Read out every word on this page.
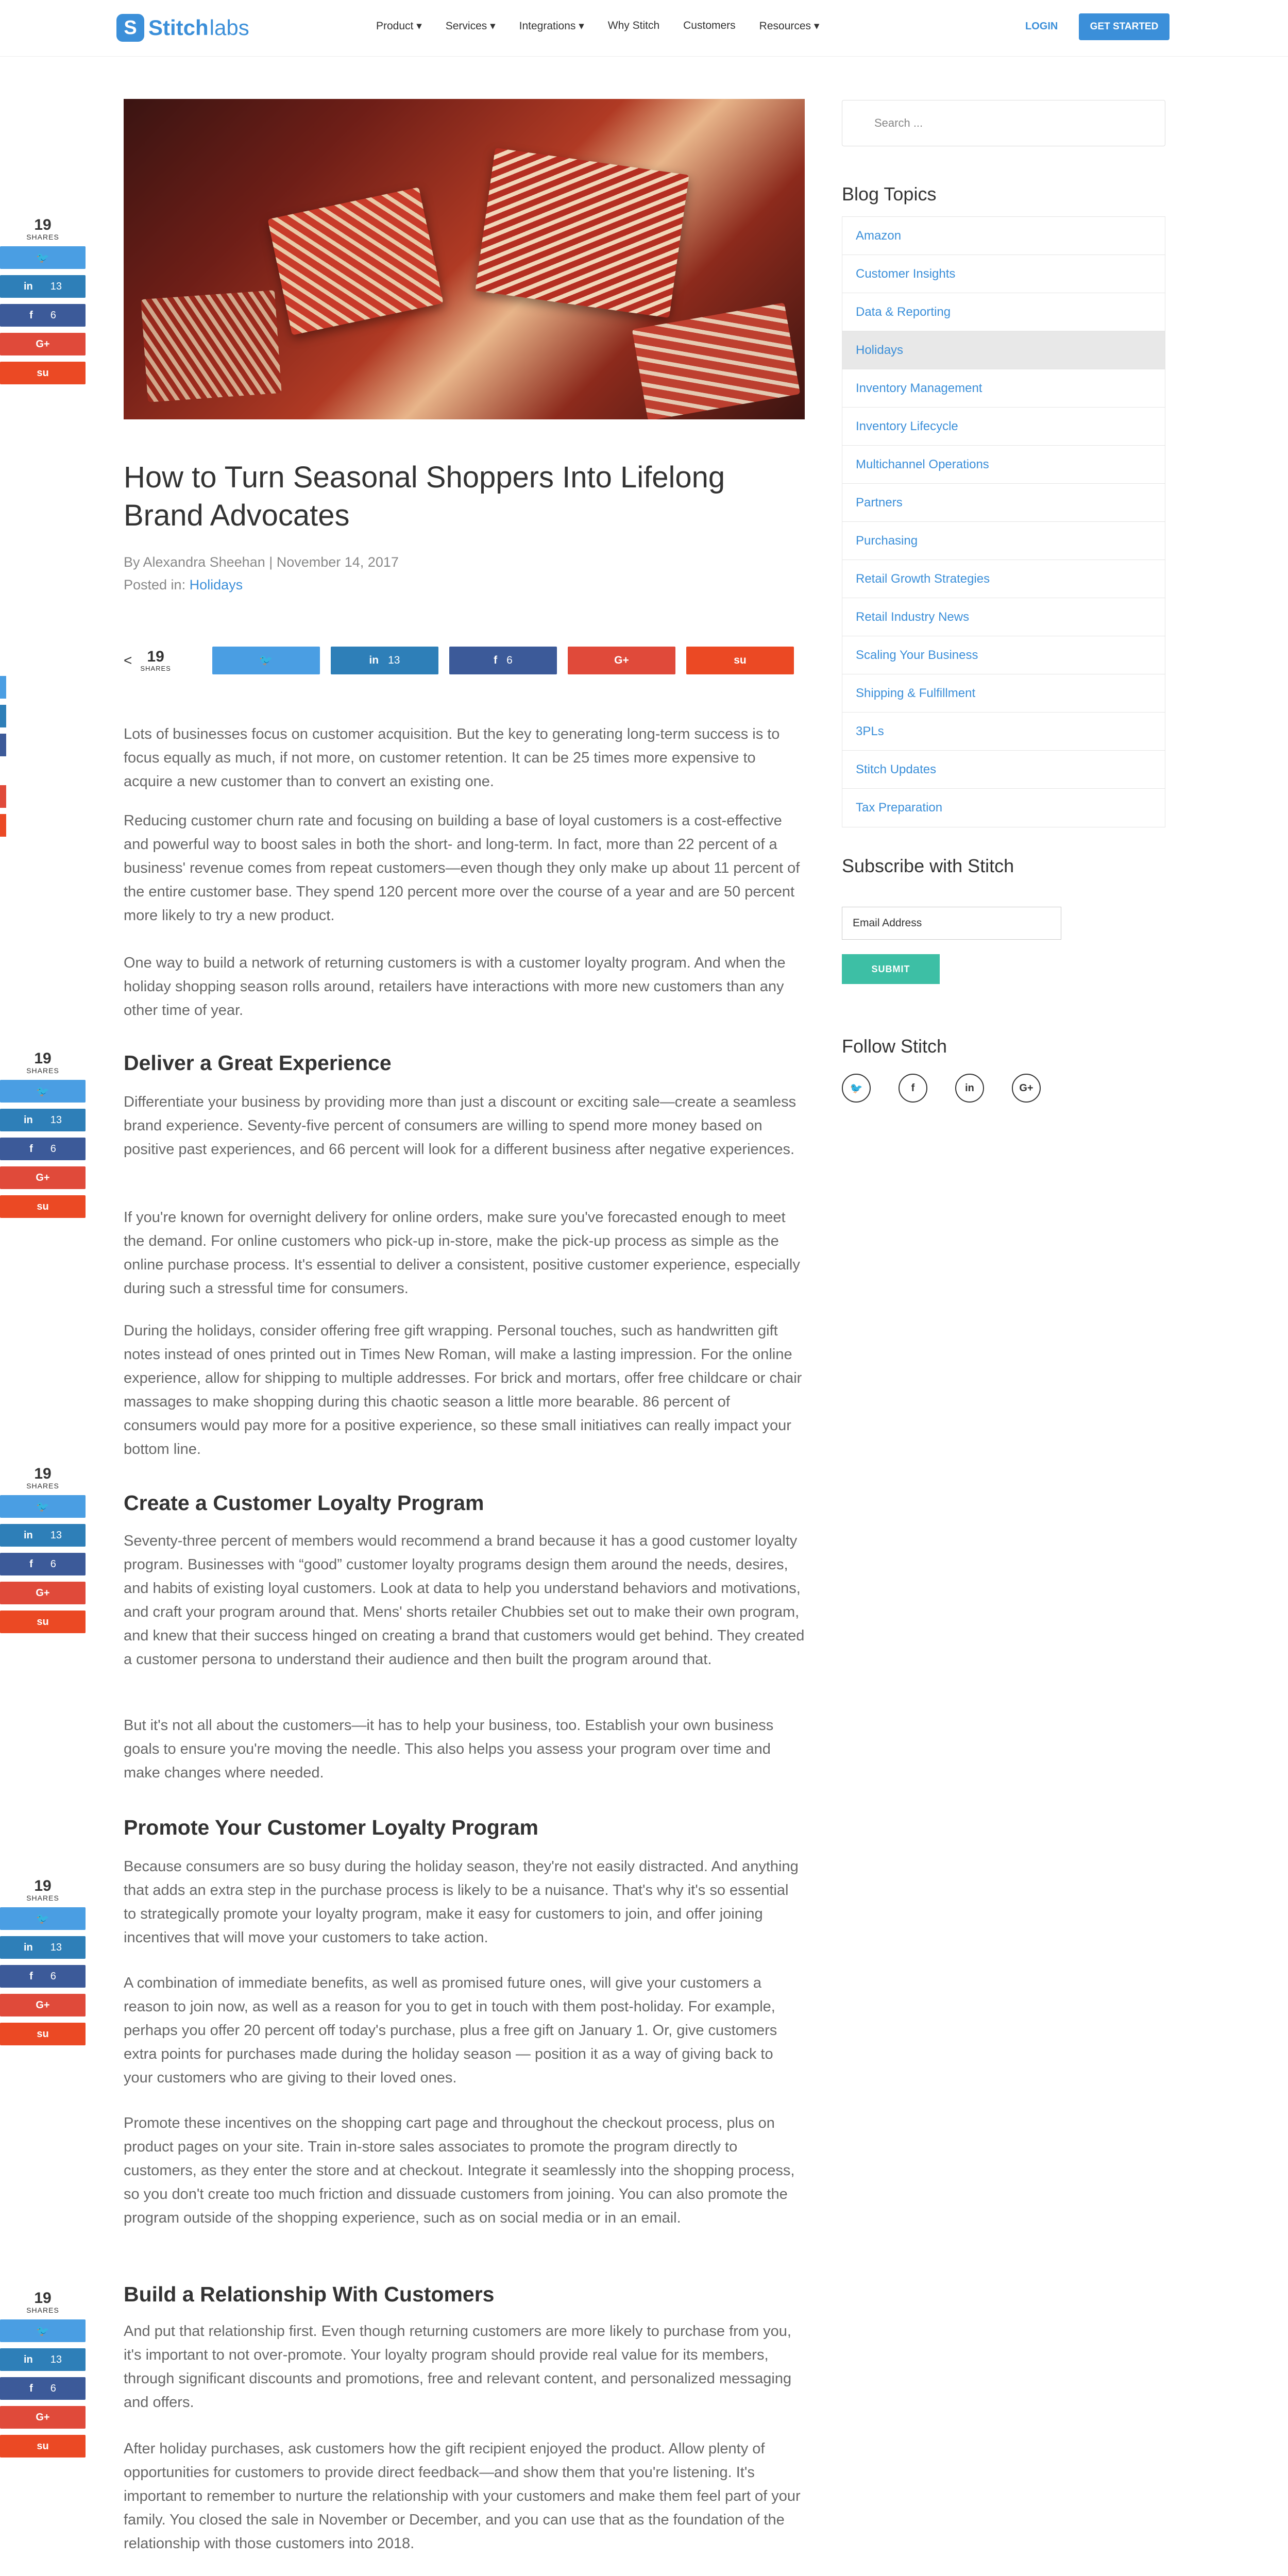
S Stitch labs	Product ▾ Services ▾ Integrations ▾ Why Stitch Customers Resources ▾	LOGIN	GET STARTED
How to Turn Seasonal Shoppers Into Lifelong Brand Advocates
By Alexandra Sheehan | November 14, 2017
Posted in: Holidays
< 19
SHARES
🐦	in 13	f 6	G+	su
19
SHARES
🐦
in 13
f 6
G+
su
19
SHARES
🐦
in 13
f 6
G+
su
19
SHARES
🐦
in 13
f 6
G+
su
19
SHARES
🐦
in 13
f 6
G+
su
19
SHARES
🐦
in 13
f 6
G+
su

Lots of businesses focus on customer acquisition. But the key to generating long-term success is to focus equally as much, if not more, on customer retention. It can be 25 times more expensive to acquire a new customer than to convert an existing one.

Reducing customer churn rate and focusing on building a base of loyal customers is a cost-effective and powerful way to boost sales in both the short- and long-term. In fact, more than 22 percent of a business' revenue comes from repeat customers—even though they only make up about 11 percent of the entire customer base. They spend 120 percent more over the course of a year and are 50 percent more likely to try a new product.

One way to build a network of returning customers is with a customer loyalty program. And when the holiday shopping season rolls around, retailers have interactions with more new customers than any other time of year.

Deliver a Great Experience

Differentiate your business by providing more than just a discount or exciting sale—create a seamless brand experience. Seventy-five percent of consumers are willing to spend more money based on positive past experiences, and 66 percent will look for a different business after negative experiences.

If you're known for overnight delivery for online orders, make sure you've forecasted enough to meet the demand. For online customers who pick-up in-store, make the pick-up process as simple as the online purchase process. It's essential to deliver a consistent, positive customer experience, especially during such a stressful time for consumers.

During the holidays, consider offering free gift wrapping. Personal touches, such as handwritten gift notes instead of ones printed out in Times New Roman, will make a lasting impression. For the online experience, allow for shipping to multiple addresses. For brick and mortars, offer free childcare or chair massages to make shopping during this chaotic season a little more bearable. 86 percent of consumers would pay more for a positive experience, so these small initiatives can really impact your bottom line.

Create a Customer Loyalty Program

Seventy-three percent of members would recommend a brand because it has a good customer loyalty program. Businesses with “good” customer loyalty programs design them around the needs, desires, and habits of existing loyal customers. Look at data to help you understand behaviors and motivations, and craft your program around that. Mens' shorts retailer Chubbies set out to make their own program, and knew that their success hinged on creating a brand that customers would get behind. They created a customer persona to understand their audience and then built the program around that.

But it's not all about the customers—it has to help your business, too. Establish your own business goals to ensure you're moving the needle. This also helps you assess your program over time and make changes where needed.

Promote Your Customer Loyalty Program

Because consumers are so busy during the holiday season, they're not easily distracted. And anything that adds an extra step in the purchase process is likely to be a nuisance. That's why it's so essential to strategically promote your loyalty program, make it easy for customers to join, and offer joining incentives that will move your customers to take action.

A combination of immediate benefits, as well as promised future ones, will give your customers a reason to join now, as well as a reason for you to get in touch with them post-holiday. For example, perhaps you offer 20 percent off today's purchase, plus a free gift on January 1. Or, give customers extra points for purchases made during the holiday season — position it as a way of giving back to your customers who are giving to their loved ones.

Promote these incentives on the shopping cart page and throughout the checkout process, plus on product pages on your site. Train in-store sales associates to promote the program directly to customers, as they enter the store and at checkout. Integrate it seamlessly into the shopping process, so you don't create too much friction and dissuade customers from joining. You can also promote the program outside of the shopping experience, such as on social media or in an email.

Build a Relationship With Customers

And put that relationship first. Even though returning customers are more likely to purchase from you, it's important to not over-promote. Your loyalty program should provide real value for its members, through significant discounts and promotions, free and relevant content, and personalized messaging and offers.

After holiday purchases, ask customers how the gift recipient enjoyed the product. Allow plenty of opportunities for customers to provide direct feedback—and show them that you're listening. It's important to remember to nurture the relationship with your customers and make them feel part of your family. You closed the sale in November or December, and you can use that as the foundation of the relationship with those customers into 2018.

Search ...
Blog Topics
Amazon
Customer Insights
Data & Reporting
Holidays
Inventory Management
Inventory Lifecycle
Multichannel Operations
Partners
Purchasing
Retail Growth Strategies
Retail Industry News
Scaling Your Business
Shipping & Fulfillment
3PLs
Stitch Updates
Tax Preparation
Subscribe with Stitch
Email Address
SUBMIT
Follow Stitch
🐦	f	in	G+
